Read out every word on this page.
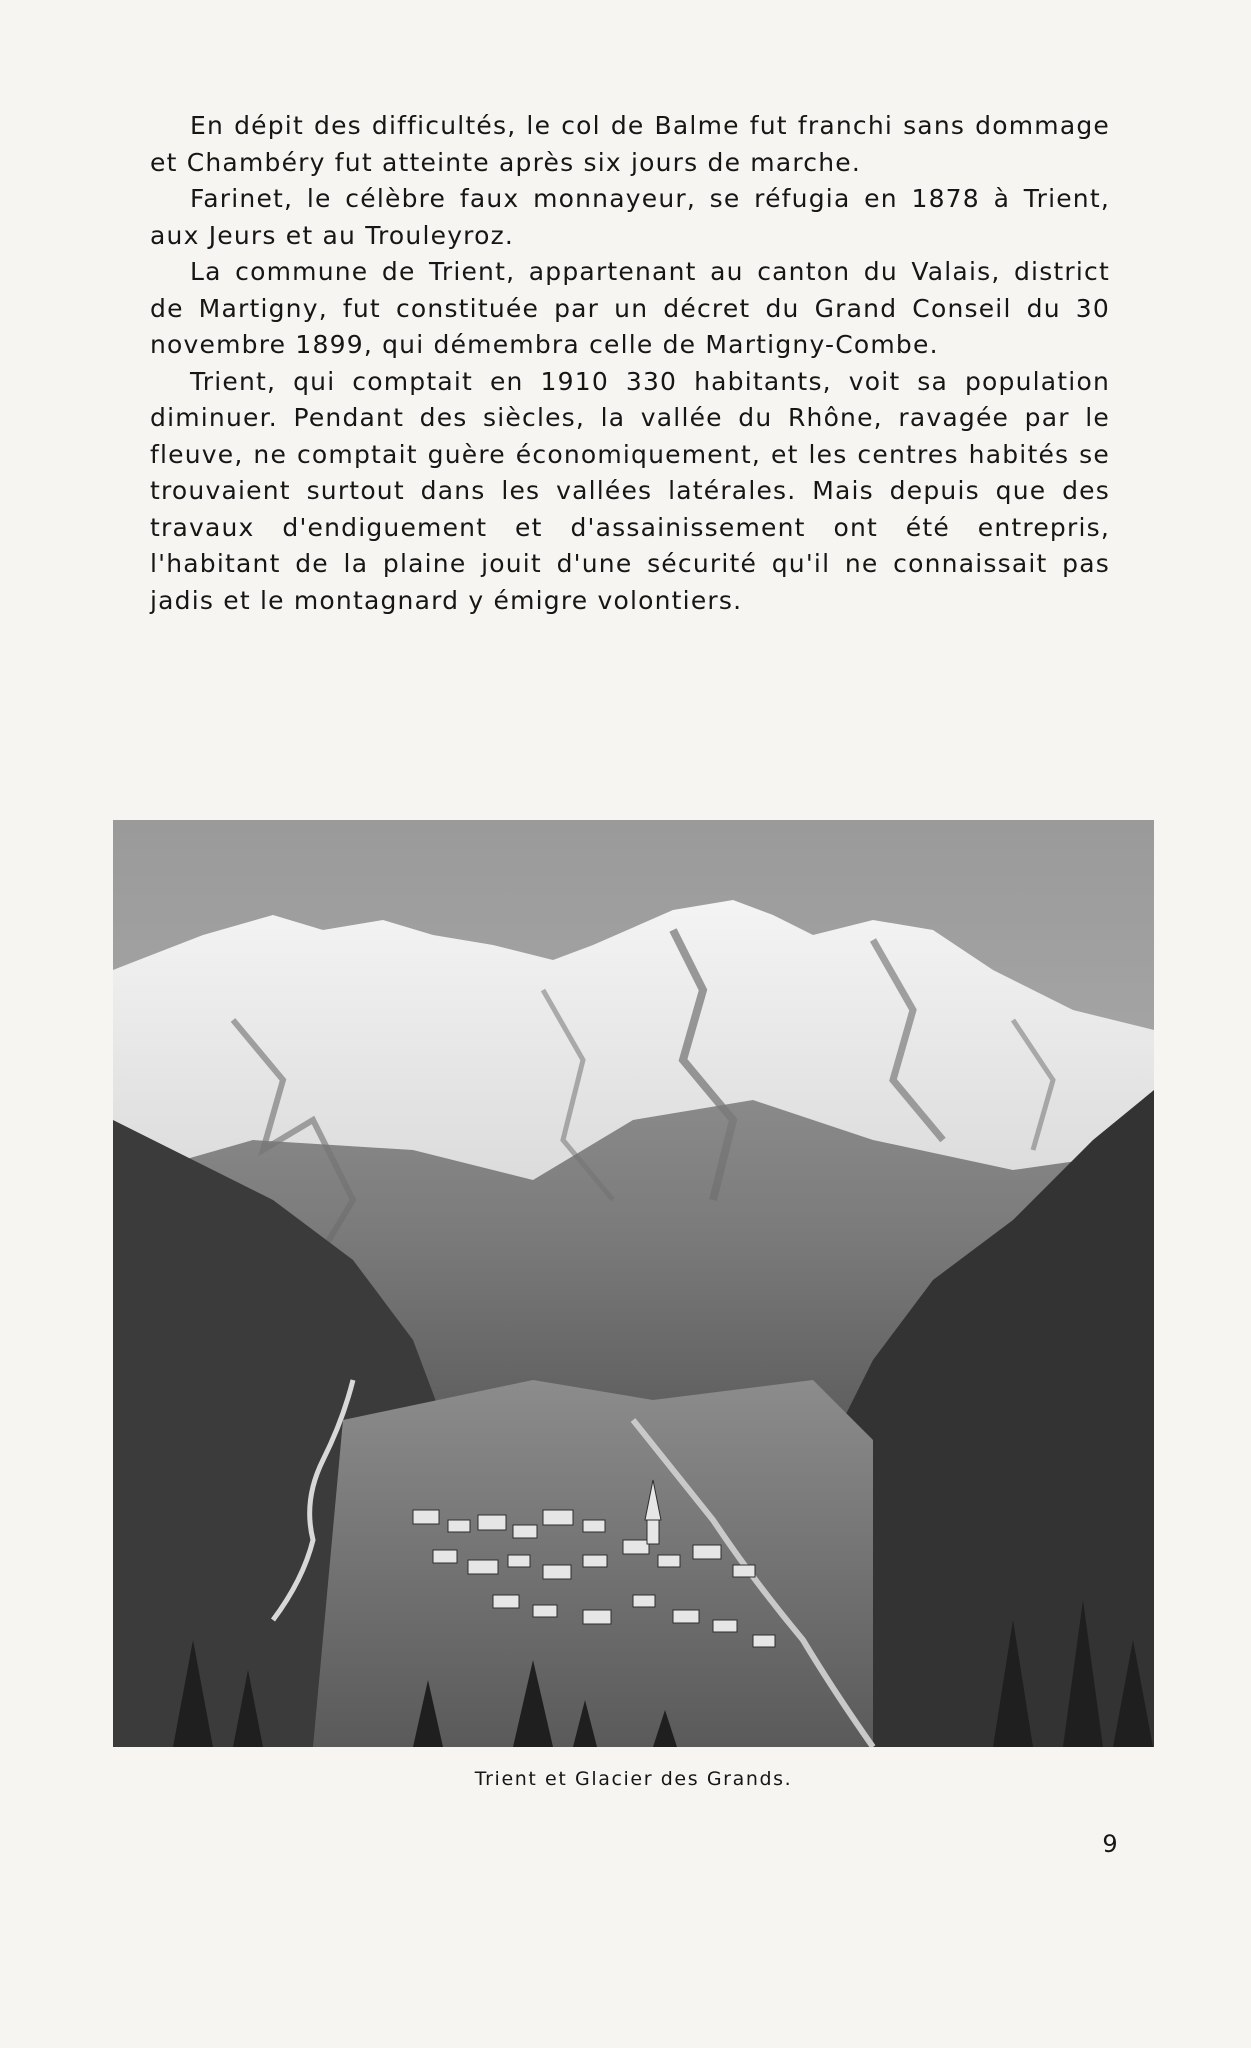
En dépit des difficultés, le col de Balme fut franchi sans dommage et Chambéry fut atteinte après six jours de marche.

Farinet, le célèbre faux monnayeur, se réfugia en 1878 à Trient, aux Jeurs et au Trouleyroz.

La commune de Trient, appartenant au canton du Valais, district de Martigny, fut constituée par un décret du Grand Conseil du 30 novembre 1899, qui démembra celle de Martigny-Combe.

Trient, qui comptait en 1910 330 habitants, voit sa population diminuer. Pendant des siècles, la vallée du Rhône, ravagée par le fleuve, ne comptait guère économiquement, et les centres habités se trouvaient surtout dans les vallées latérales. Mais depuis que des travaux d'endiguement et d'assainissement ont été entrepris, l'habitant de la plaine jouit d'une sécurité qu'il ne connaissait pas jadis et le montagnard y émigre volontiers.

Trient et Glacier des Grands.
9
